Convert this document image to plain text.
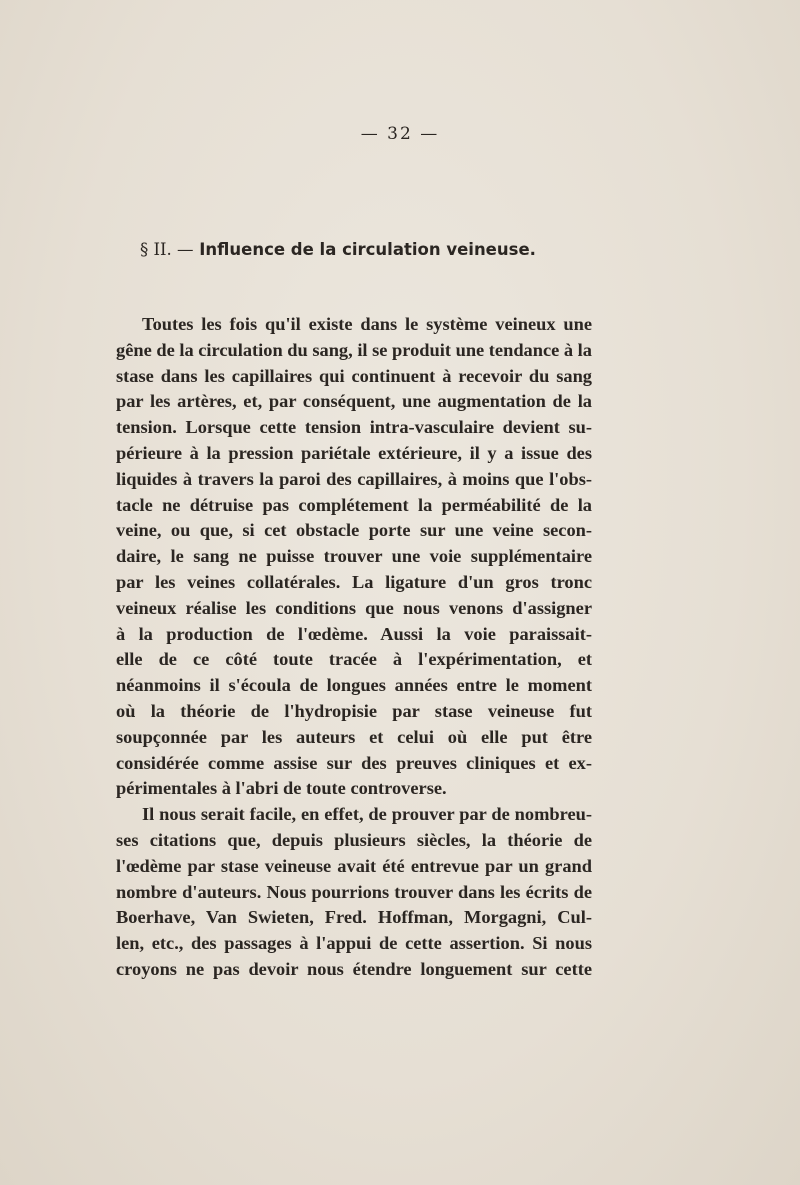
— 32 —
§ II. — Influence de la circulation veineuse.
Toutes les fois qu'il existe dans le système veineux une
gêne de la circulation du sang, il se produit une tendance à la
stase dans les capillaires qui continuent à recevoir du sang
par les artères, et, par conséquent, une augmentation de la
tension. Lorsque cette tension intra-vasculaire devient su-
périeure à la pression pariétale extérieure, il y a issue des
liquides à travers la paroi des capillaires, à moins que l'obs-
tacle ne détruise pas complétement la perméabilité de la
veine, ou que, si cet obstacle porte sur une veine secon-
daire, le sang ne puisse trouver une voie supplémentaire
par les veines collatérales. La ligature d'un gros tronc
veineux réalise les conditions que nous venons d'assigner
à la production de l'œdème. Aussi la voie paraissait-
elle de ce côté toute tracée à l'expérimentation, et
néanmoins il s'écoula de longues années entre le moment
où la théorie de l'hydropisie par stase veineuse fut
soupçonnée par les auteurs et celui où elle put être
considérée comme assise sur des preuves cliniques et ex-
périmentales à l'abri de toute controverse.
Il nous serait facile, en effet, de prouver par de nombreu-
ses citations que, depuis plusieurs siècles, la théorie de
l'œdème par stase veineuse avait été entrevue par un grand
nombre d'auteurs. Nous pourrions trouver dans les écrits de
Boerhave, Van Swieten, Fred. Hoffman, Morgagni, Cul-
len, etc., des passages à l'appui de cette assertion. Si nous
croyons ne pas devoir nous étendre longuement sur cette
